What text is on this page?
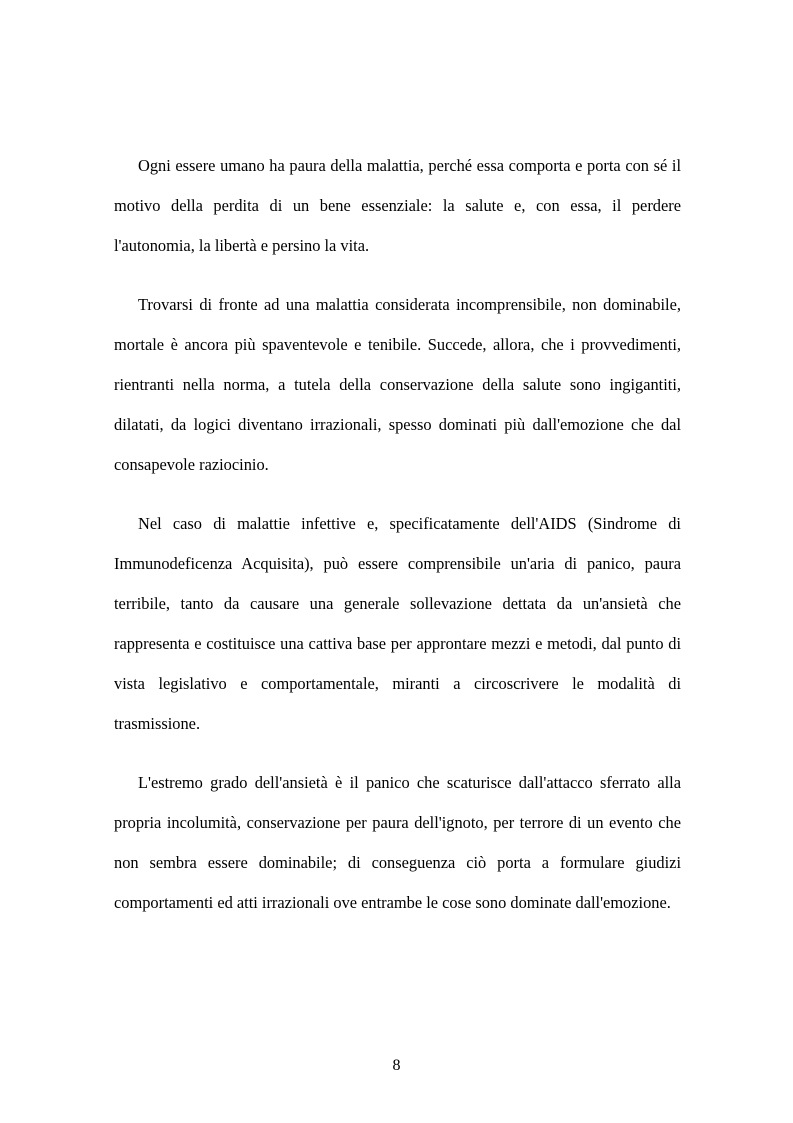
Ogni essere umano ha paura della malattia, perché essa comporta e porta con sé il motivo della perdita di un bene essenziale: la salute e, con essa, il perdere l'autonomia, la libertà e persino la vita.

Trovarsi di fronte ad una malattia considerata incomprensibile, non dominabile, mortale è ancora più spaventevole e tenibile. Succede, allora, che i provvedimenti, rientranti nella norma, a tutela della conservazione della salute sono ingigantiti, dilatati, da logici diventano irrazionali, spesso dominati più dall'emozione che dal consapevole raziocinio.

Nel caso di malattie infettive e, specificatamente dell'AIDS (Sindrome di Immunodeficenza Acquisita), può essere comprensibile un'aria di panico, paura terribile, tanto da causare una generale sollevazione dettata da un'ansietà che rappresenta e costituisce una cattiva base per approntare mezzi e metodi, dal punto di vista legislativo e comportamentale, miranti a circoscrivere le modalità di trasmissione.

L'estremo grado dell'ansietà è il panico che scaturisce dall'attacco sferrato alla propria incolumità, conservazione per paura dell'ignoto, per terrore di un evento che non sembra essere dominabile; di conseguenza ciò porta a formulare giudizi comportamenti ed atti irrazionali ove entrambe le cose sono dominate dall'emozione.

8
